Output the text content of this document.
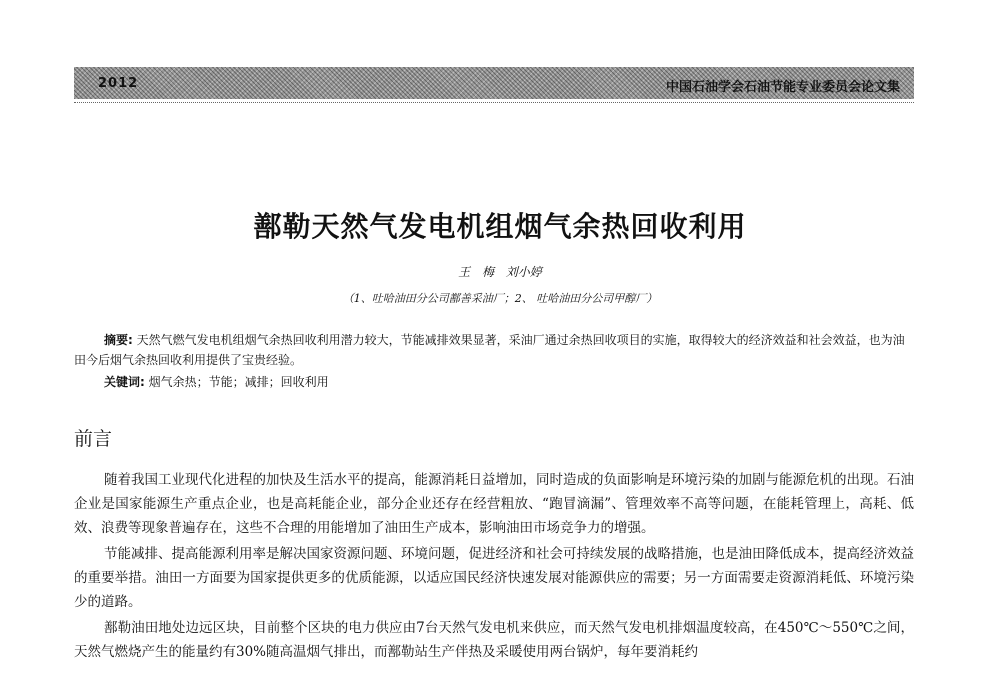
2012	中国石油学会石油节能专业委员会论文集
鄯勒天然气发电机组烟气余热回收利用
王 梅 刘小婷
（1、吐哈油田分公司鄯善采油厂；2、 吐哈油田分公司甲醇厂）
摘要: 天然气燃气发电机组烟气余热回收利用潜力较大，节能减排效果显著，采油厂通过余热回收项目的实施，取得较大的经济效益和社会效益，也为油田今后烟气余热回收利用提供了宝贵经验。
关键词: 烟气余热；节能；减排；回收利用
前言

随着我国工业现代化进程的加快及生活水平的提高，能源消耗日益增加，同时造成的负面影响是环境污染的加剧与能源危机的出现。石油企业是国家能源生产重点企业，也是高耗能企业，部分企业还存在经营粗放、“跑冒滴漏”、管理效率不高等问题，在能耗管理上，高耗、低效、浪费等现象普遍存在，这些不合理的用能增加了油田生产成本，影响油田市场竞争力的增强。

节能减排、提高能源利用率是解决国家资源问题、环境问题，促进经济和社会可持续发展的战略措施，也是油田降低成本，提高经济效益的重要举措。油田一方面要为国家提供更多的优质能源，以适应国民经济快速发展对能源供应的需要；另一方面需要走资源消耗低、环境污染少的道路。

鄯勒油田地处边远区块，目前整个区块的电力供应由7台天然气发电机来供应，而天然气发电机排烟温度较高，在450℃～550℃之间，天然气燃烧产生的能量约有30%随高温烟气排出，而鄯勒站生产伴热及采暖使用两台锅炉，每年要消耗约
